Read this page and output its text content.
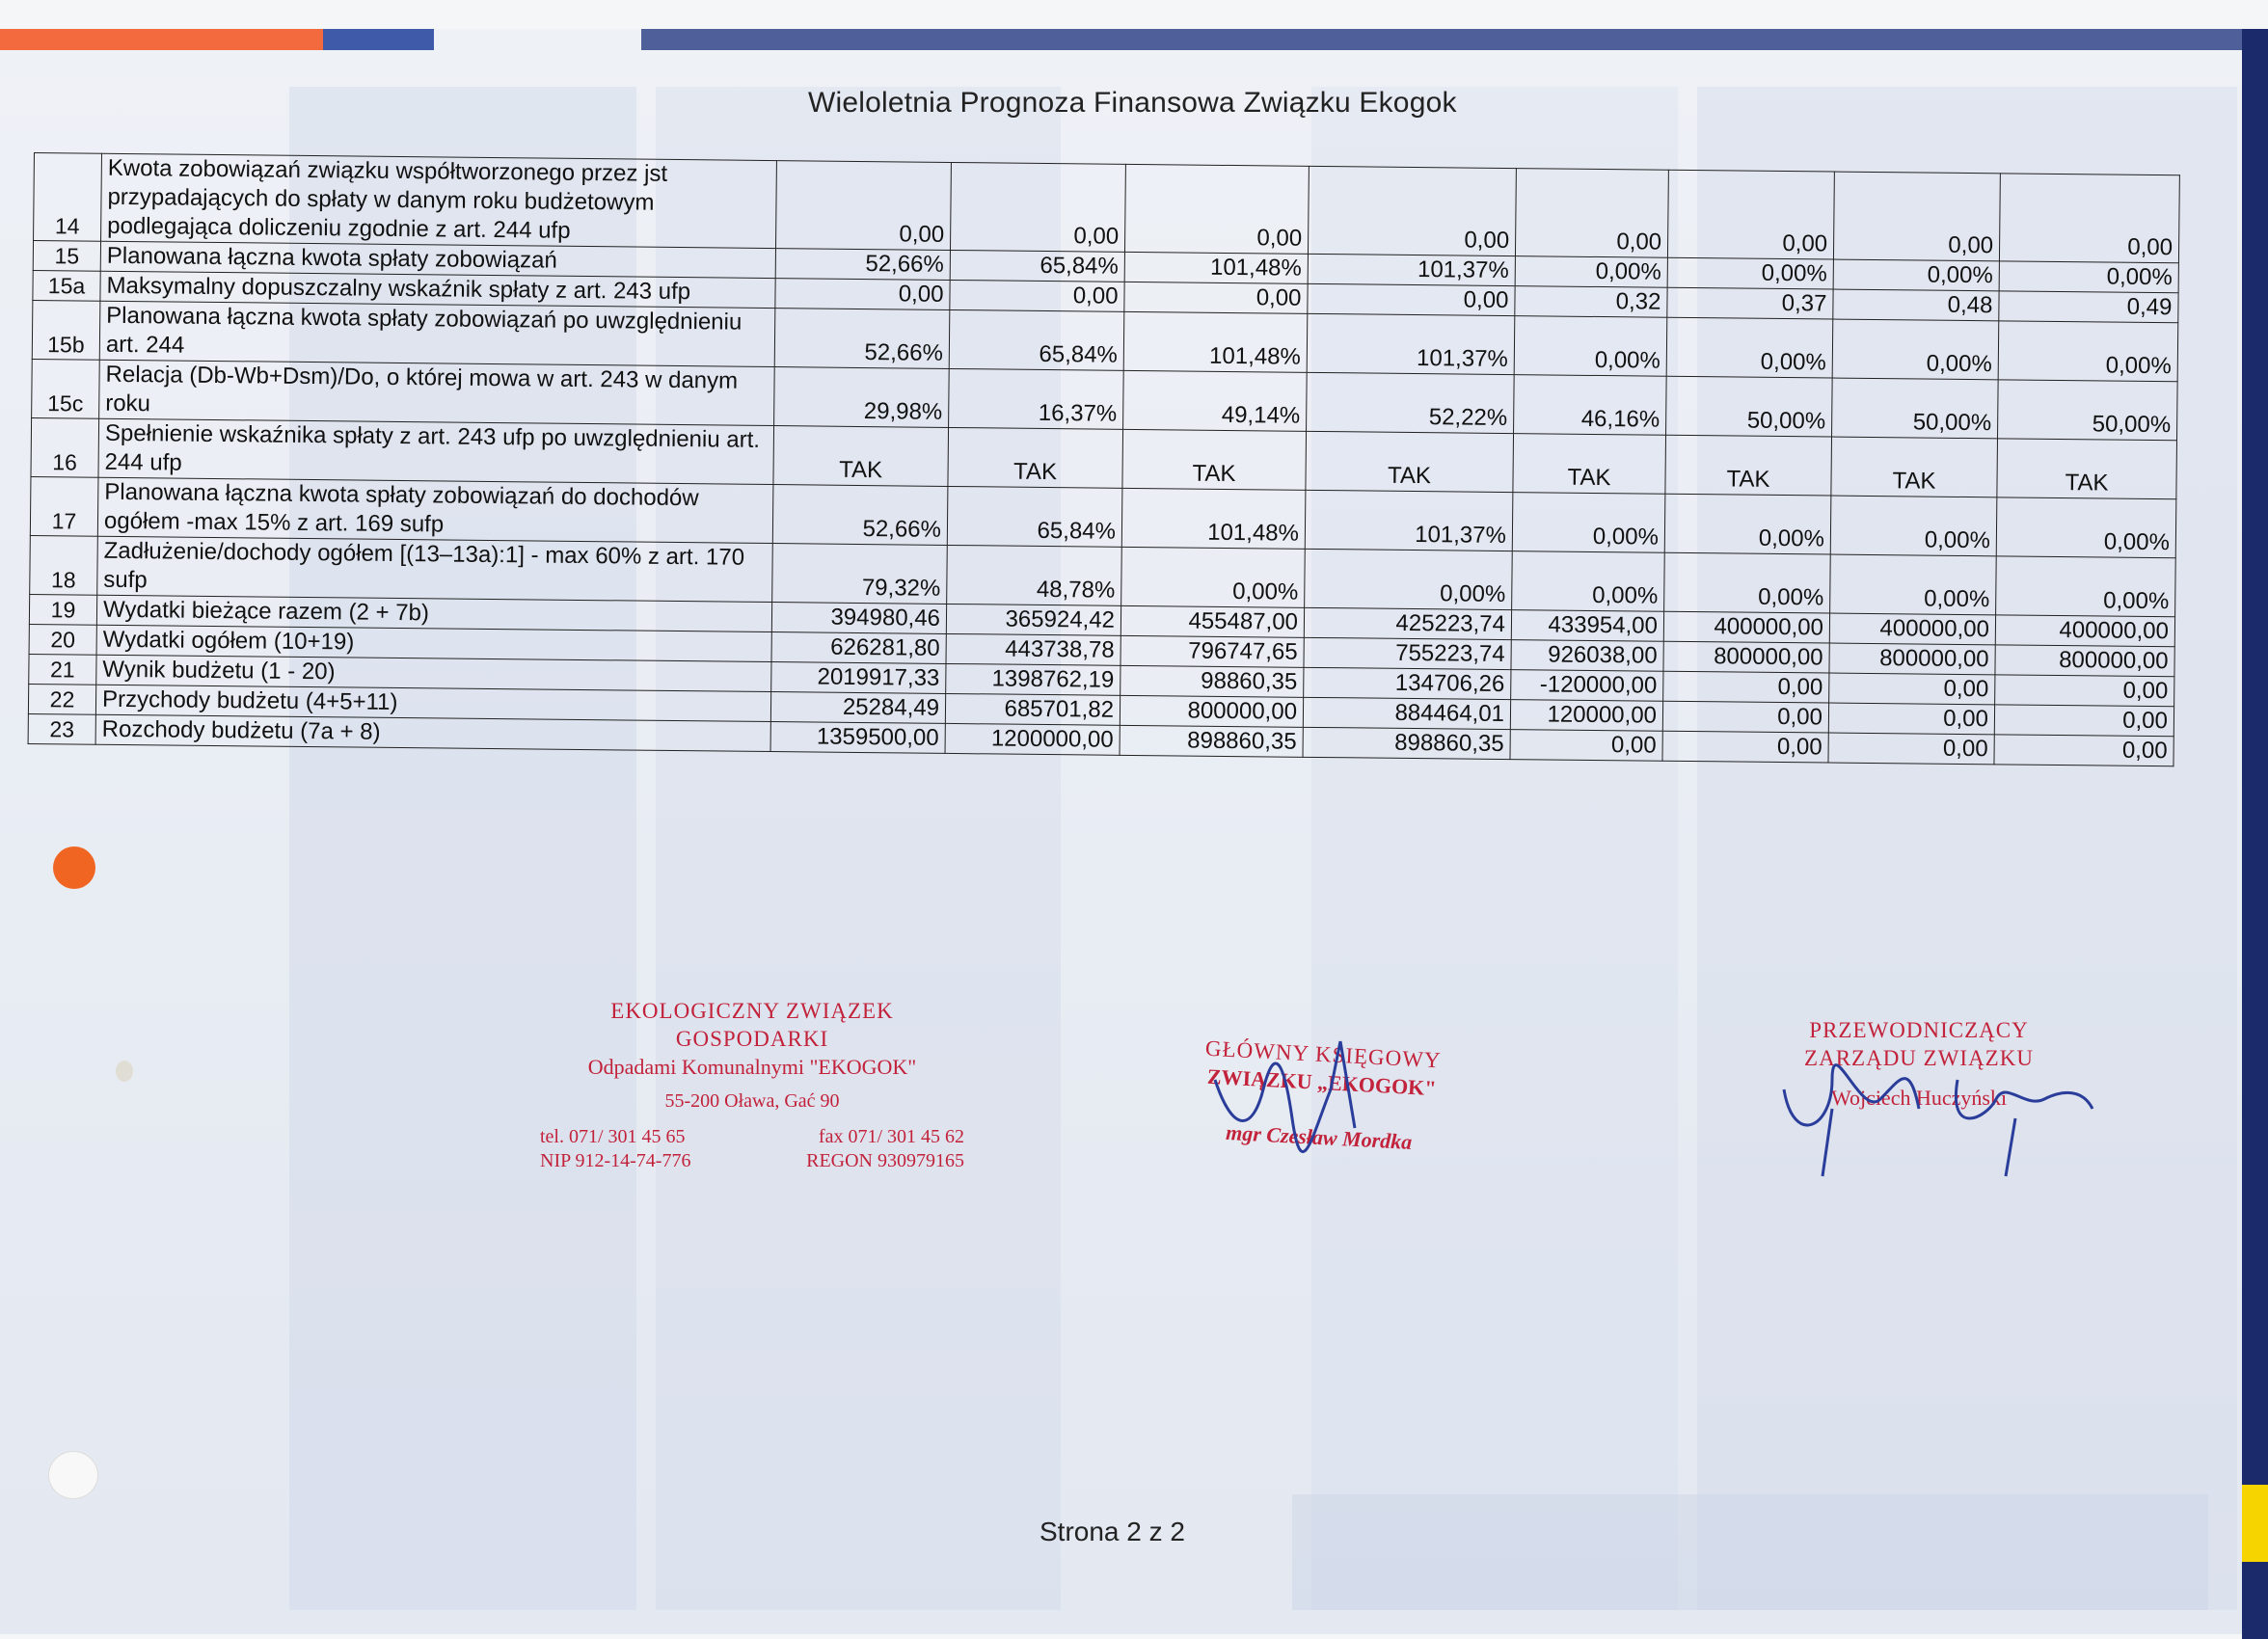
Wieloletnia Prognoza Finansowa Związku Ekogok
14	Kwota zobowiązań związku współtworzonego przez jst przypadających do spłaty w danym roku budżetowym podlegająca doliczeniu zgodnie z art. 244 ufp	0,00	0,00	0,00	0,00	0,00	0,00	0,00	0,00
15	Planowana łączna kwota spłaty zobowiązań	52,66%	65,84%	101,48%	101,37%	0,00%	0,00%	0,00%	0,00%
15a	Maksymalny dopuszczalny wskaźnik spłaty z art. 243 ufp	0,00	0,00	0,00	0,00	0,32	0,37	0,48	0,49
15b	Planowana łączna kwota spłaty zobowiązań po uwzględnieniu art. 244	52,66%	65,84%	101,48%	101,37%	0,00%	0,00%	0,00%	0,00%
15c	Relacja (Db-Wb+Dsm)/Do, o której mowa w art. 243 w danym roku	29,98%	16,37%	49,14%	52,22%	46,16%	50,00%	50,00%	50,00%
16	Spełnienie wskaźnika spłaty z art. 243 ufp po uwzględnieniu art. 244 ufp	TAK	TAK	TAK	TAK	TAK	TAK	TAK	TAK
17	Planowana łączna kwota spłaty zobowiązań do dochodów ogółem -max 15% z art. 169 sufp	52,66%	65,84%	101,48%	101,37%	0,00%	0,00%	0,00%	0,00%
18	Zadłużenie/dochody ogółem [(13–13a):1] - max 60% z art. 170 sufp	79,32%	48,78%	0,00%	0,00%	0,00%	0,00%	0,00%	0,00%
19	Wydatki bieżące razem (2 + 7b)	394980,46	365924,42	455487,00	425223,74	433954,00	400000,00	400000,00	400000,00
20	Wydatki ogółem (10+19)	626281,80	443738,78	796747,65	755223,74	926038,00	800000,00	800000,00	800000,00
21	Wynik budżetu (1 - 20)	2019917,33	1398762,19	98860,35	134706,26	-120000,00	0,00	0,00	0,00
22	Przychody budżetu (4+5+11)	25284,49	685701,82	800000,00	884464,01	120000,00	0,00	0,00	0,00
23	Rozchody budżetu (7a + 8)	1359500,00	1200000,00	898860,35	898860,35	0,00	0,00	0,00	0,00
EKOLOGICZNY ZWIĄZEK GOSPODARKI
Odpadami Komunalnymi "EKOGOK"
55-200 Oława, Gać 90
tel. 071/ 301 45 65	fax 071/ 301 45 62
NIP 912-14-74-776	REGON 930979165
GŁÓWNY KSIĘGOWY
ZWIĄZKU „EKOGOK"
mgr Czesław Mordka
PRZEWODNICZĄCY
ZARZĄDU ZWIĄZKU
Wojciech Huczyński
Strona 2 z 2
